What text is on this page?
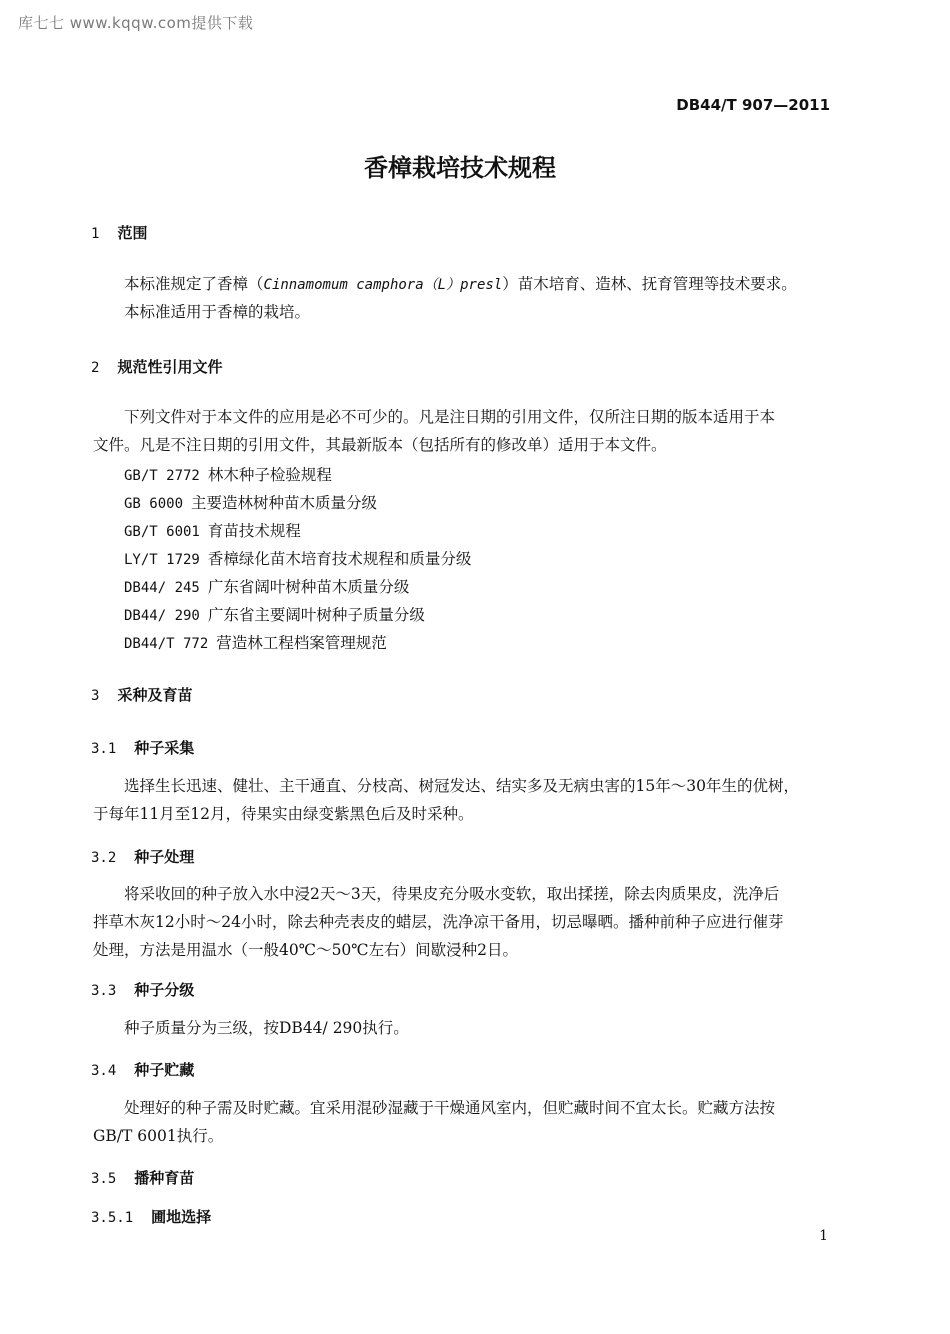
库七七 www.kqqw.com提供下载
DB44/T 907—2011
香樟栽培技术规程
1 范围
本标准规定了香樟（Cinnamomum camphora（L）presl）苗木培育、造林、抚育管理等技术要求。
本标准适用于香樟的栽培。
2 规范性引用文件
下列文件对于本文件的应用是必不可少的。凡是注日期的引用文件，仅所注日期的版本适用于本
文件。凡是不注日期的引用文件，其最新版本（包括所有的修改单）适用于本文件。
GB/T 2772 林木种子检验规程
GB 6000 主要造林树种苗木质量分级
GB/T 6001 育苗技术规程
LY/T 1729 香樟绿化苗木培育技术规程和质量分级
DB44/ 245 广东省阔叶树种苗木质量分级
DB44/ 290 广东省主要阔叶树种子质量分级
DB44/T 772 营造林工程档案管理规范
3 采种及育苗
3.1 种子采集
选择生长迅速、健壮、主干通直、分枝高、树冠发达、结实多及无病虫害的15年～30年生的优树，
于每年11月至12月，待果实由绿变紫黑色后及时采种。
3.2 种子处理
将采收回的种子放入水中浸2天～3天，待果皮充分吸水变软，取出揉搓，除去肉质果皮，洗净后
拌草木灰12小时～24小时，除去种壳表皮的蜡层，洗净凉干备用，切忌曝晒。播种前种子应进行催芽
处理，方法是用温水（一般40℃～50℃左右）间歇浸种2日。
3.3 种子分级
种子质量分为三级，按DB44/ 290执行。
3.4 种子贮藏
处理好的种子需及时贮藏。宜采用混砂湿藏于干燥通风室内，但贮藏时间不宜太长。贮藏方法按
GB/T 6001执行。
3.5 播种育苗
3.5.1 圃地选择
1
